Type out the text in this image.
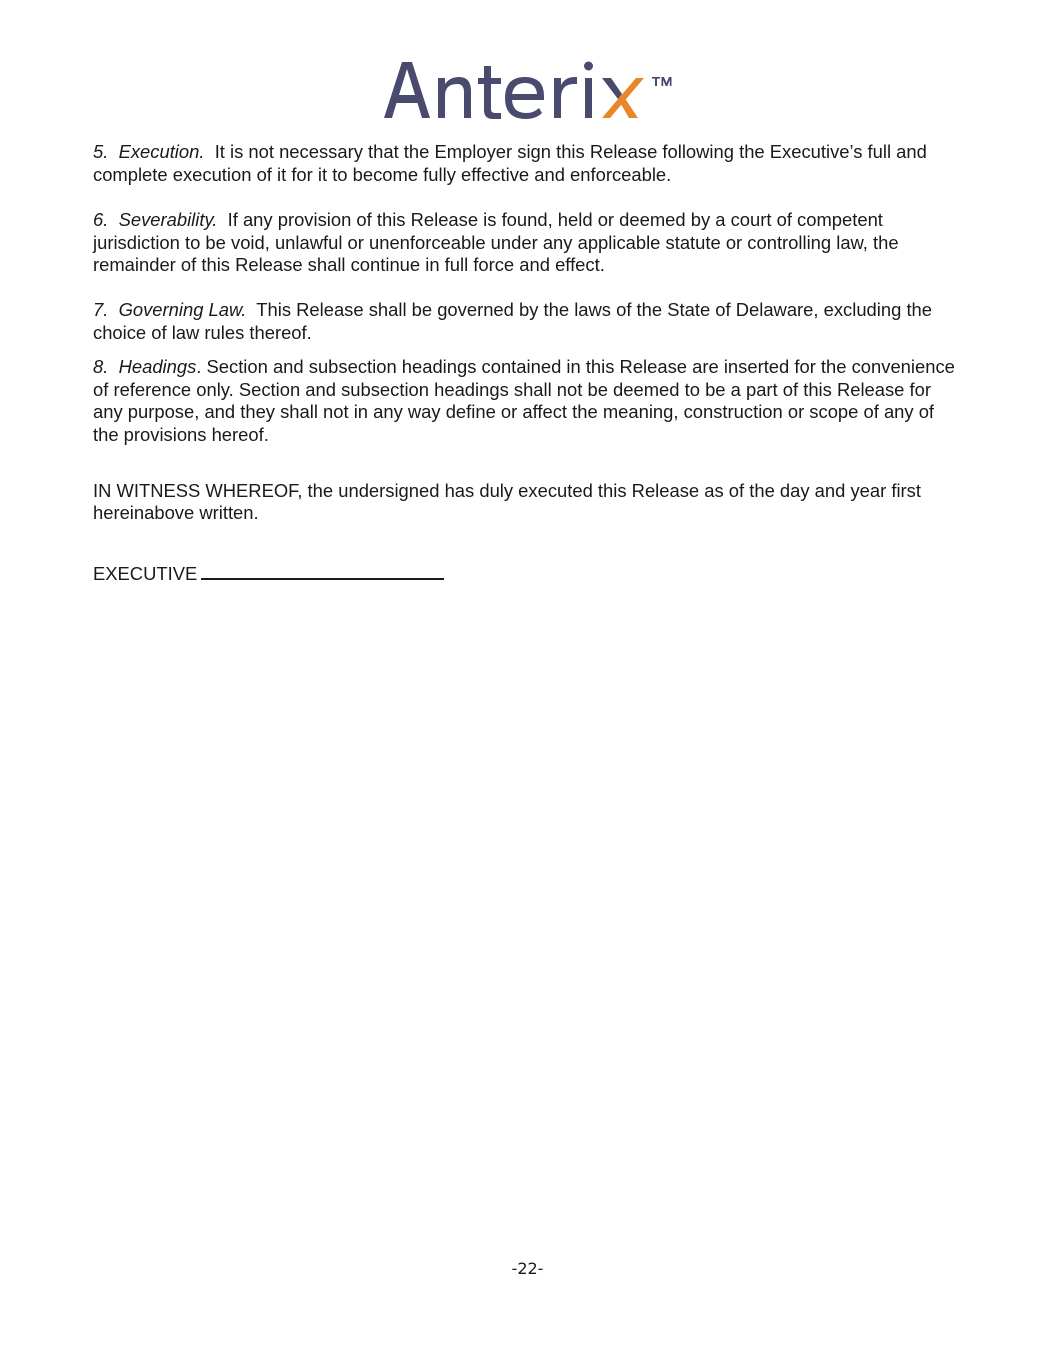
5. Execution. It is not necessary that the Employer sign this Release following the Executive’s full and complete execution of it for it to become fully effective and enforceable.

6. Severability. If any provision of this Release is found, held or deemed by a court of competent jurisdiction to be void, unlawful or unenforceable under any applicable statute or controlling law, the remainder of this Release shall continue in full force and effect.

7. Governing Law. This Release shall be governed by the laws of the State of Delaware, excluding the choice of law rules thereof.

8. Headings. Section and subsection headings contained in this Release are inserted for the convenience of reference only. Section and subsection headings shall not be deemed to be a part of this Release for any purpose, and they shall not in any way define or affect the meaning, construction or scope of any of the provisions hereof.

IN WITNESS WHEREOF, the undersigned has duly executed this Release as of the day and year first hereinabove written.

EXECUTIVE

-22-
